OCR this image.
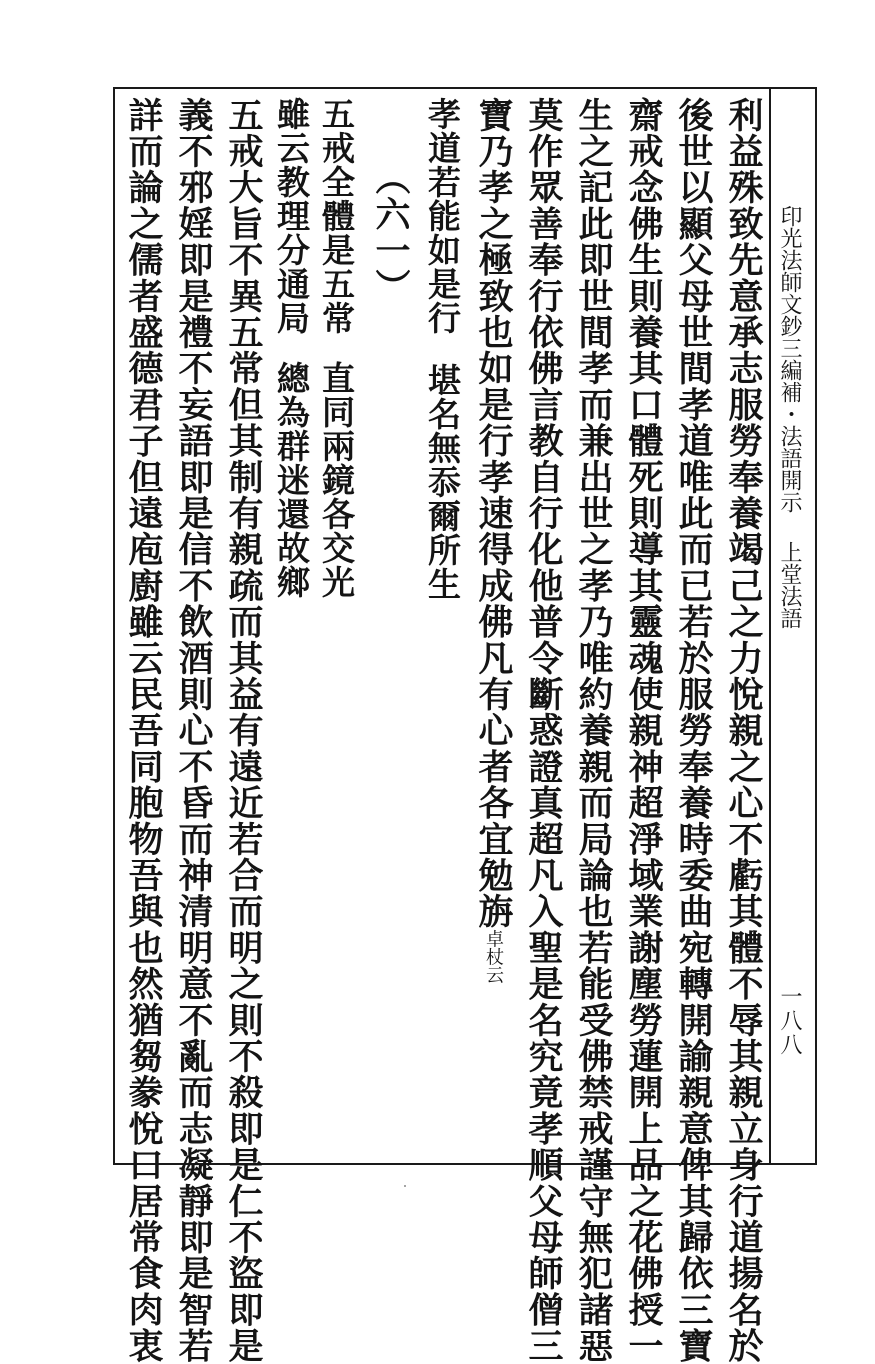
印光法師文鈔三編補・法語開示上堂法語
一八八
利益殊致先意承志服勞奉養竭己之力悅親之心不虧其體不辱其親立身行道揚名於
後世以顯父母世間孝道唯此而已若於服勞奉養時委曲宛轉開諭親意俾其歸依三寶
齋戒念佛生則養其口體死則導其靈魂使親神超淨域業謝塵勞蓮開上品之花佛授一
生之記此即世間孝而兼出世之孝乃唯約養親而局論也若能受佛禁戒謹守無犯諸惡
莫作眾善奉行依佛言教自行化他普令斷惑證真超凡入聖是名究竟孝順父母師僧三
寶乃孝之極致也如是行孝速得成佛凡有心者各宜勉旃卓杖云
孝道若能如是行堪名無忝爾所生
（六一）
五戒全體是五常直同兩鏡各交光
雖云教理分通局總為群迷還故鄉
五戒大旨不異五常但其制有親疏而其益有遠近若合而明之則不殺即是仁不盜即是
義不邪婬即是禮不妄語即是信不飲酒則心不昏而神清明意不亂而志凝靜即是智若
詳而論之儒者盛德君子但遠庖廚雖云民吾同胞物吾與也然猶芻豢悅口居常食肉衷
